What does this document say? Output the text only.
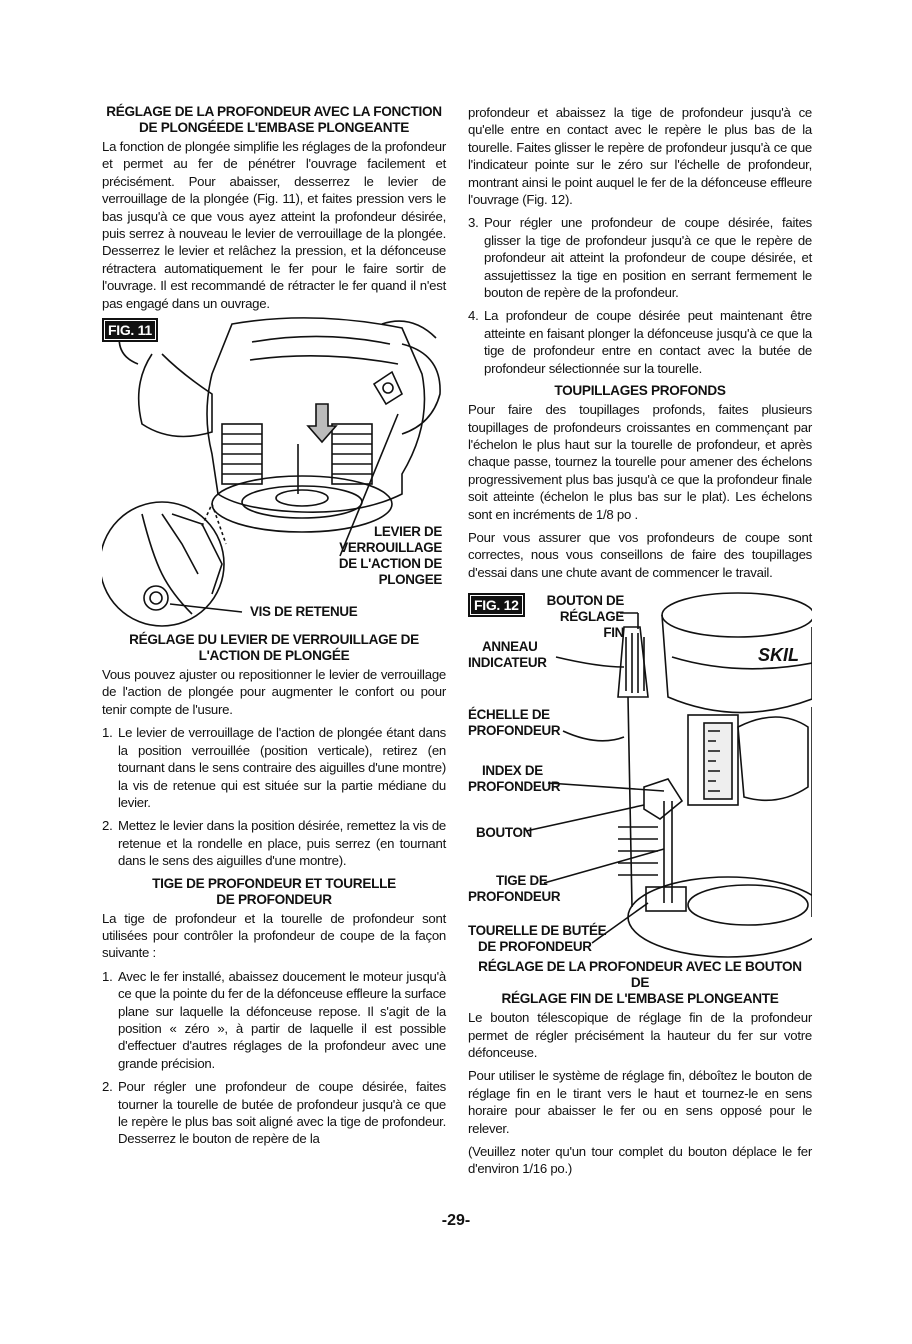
RÉGLAGE DE LA PROFONDEUR AVEC LA FONCTION
DE PLONGÉEDE L'EMBASE PLONGEANTE

La fonction de plongée simplifie les réglages de la profondeur et permet au fer de pénétrer l'ouvrage facilement et précisément. Pour abaisser, desserrez le levier de verrouillage de la plongée (Fig. 11), et faites pression vers le bas jusqu'à ce que vous ayez atteint la profondeur désirée, puis serrez à nouveau le levier de verrouillage de la plongée. Desserrez le levier et relâchez la pression, et la défonceuse rétractera automatiquement le fer pour le faire sortir de l'ouvrage. Il est recommandé de rétracter le fer quand il n'est pas engagé dans un ouvrage.

FIG. 11
LEVIER DE
VERROUILLAGE
DE L'ACTION DE
PLONGEE
VIS DE RETENUE
RÉGLAGE DU LEVIER DE VERROUILLAGE DE
L'ACTION DE PLONGÉE

Vous pouvez ajuster ou repositionner le levier de verrouillage de l'action de plongée pour augmenter le confort ou pour tenir compte de l'usure.

1. Le levier de verrouillage de l'action de plongée étant dans la position verrouillée (position verticale), retirez (en tournant dans le sens contraire des aiguilles d'une montre) la vis de retenue qui est située sur la partie médiane du levier.
2. Mettez le levier dans la position désirée, remettez la vis de retenue et la rondelle en place, puis serrez (en tournant dans le sens des aiguilles d'une montre).
TIGE DE PROFONDEUR ET TOURELLE
DE PROFONDEUR

La tige de profondeur et la tourelle de profondeur sont utilisées pour contrôler la profondeur de coupe de la façon suivante :

1. Avec le fer installé, abaissez doucement le moteur jusqu'à ce que la pointe du fer de la défonceuse effleure la surface plane sur laquelle la défonceuse repose. Il s'agit de la position « zéro », à partir de laquelle il est possible d'effectuer d'autres réglages de la profondeur avec une grande précision.
2. Pour régler une profondeur de coupe désirée, faites tourner la tourelle de butée de profondeur jusqu'à ce que le repère le plus bas soit aligné avec la tige de profondeur. Desserrez le bouton de repère de la

profondeur et abaissez la tige de profondeur jusqu'à ce qu'elle entre en contact avec le repère le plus bas de la tourelle. Faites glisser le repère de profondeur jusqu'à ce que l'indicateur pointe sur le zéro sur l'échelle de profondeur, montrant ainsi le point auquel le fer de la défonceuse effleure l'ouvrage (Fig. 12).

3. Pour régler une profondeur de coupe désirée, faites glisser la tige de profondeur jusqu'à ce que le repère de profondeur ait atteint la profondeur de coupe désirée, et assujettissez la tige en position en serrant fermement le bouton de repère de la profondeur.
4. La profondeur de coupe désirée peut maintenant être atteinte en faisant plonger la défonceuse jusqu'à ce que la tige de profondeur entre en contact avec la butée de profondeur sélectionnée sur la tourelle.
TOUPILLAGES PROFONDS

Pour faire des toupillages profonds, faites plusieurs toupillages de profondeurs croissantes en commençant par l'échelon le plus haut sur la tourelle de profondeur, et après chaque passe, tournez la tourelle pour amener des échelons progressivement plus bas jusqu'à ce que la profondeur finale soit atteinte (échelon le plus bas sur le plat). Les échelons sont en incréments de 1/8 po .

Pour vous assurer que vos profondeurs de coupe sont correctes, nous vous conseillons de faire des toupillages d'essai dans une chute avant de commencer le travail.

FIG. 12
SKIL
BOUTON DE
RÉGLAGE FIN
ANNEAU
INDICATEUR
ÉCHELLE DE
PROFONDEUR
INDEX DE
PROFONDEUR
BOUTON
TIGE DE
PROFONDEUR
TOURELLE DE BUTÉE
DE PROFONDEUR
RÉGLAGE DE LA PROFONDEUR AVEC LE BOUTON DE
RÉGLAGE FIN DE L'EMBASE PLONGEANTE

Le bouton télescopique de réglage fin de la profondeur permet de régler précisément la hauteur du fer sur votre défonceuse.

Pour utiliser le système de réglage fin, déboîtez le bouton de réglage fin en le tirant vers le haut et tournez-le en sens horaire pour abaisser le fer ou en sens opposé pour le relever.

(Veuillez noter qu'un tour complet du bouton déplace le fer d'environ 1/16 po.)

-29-
